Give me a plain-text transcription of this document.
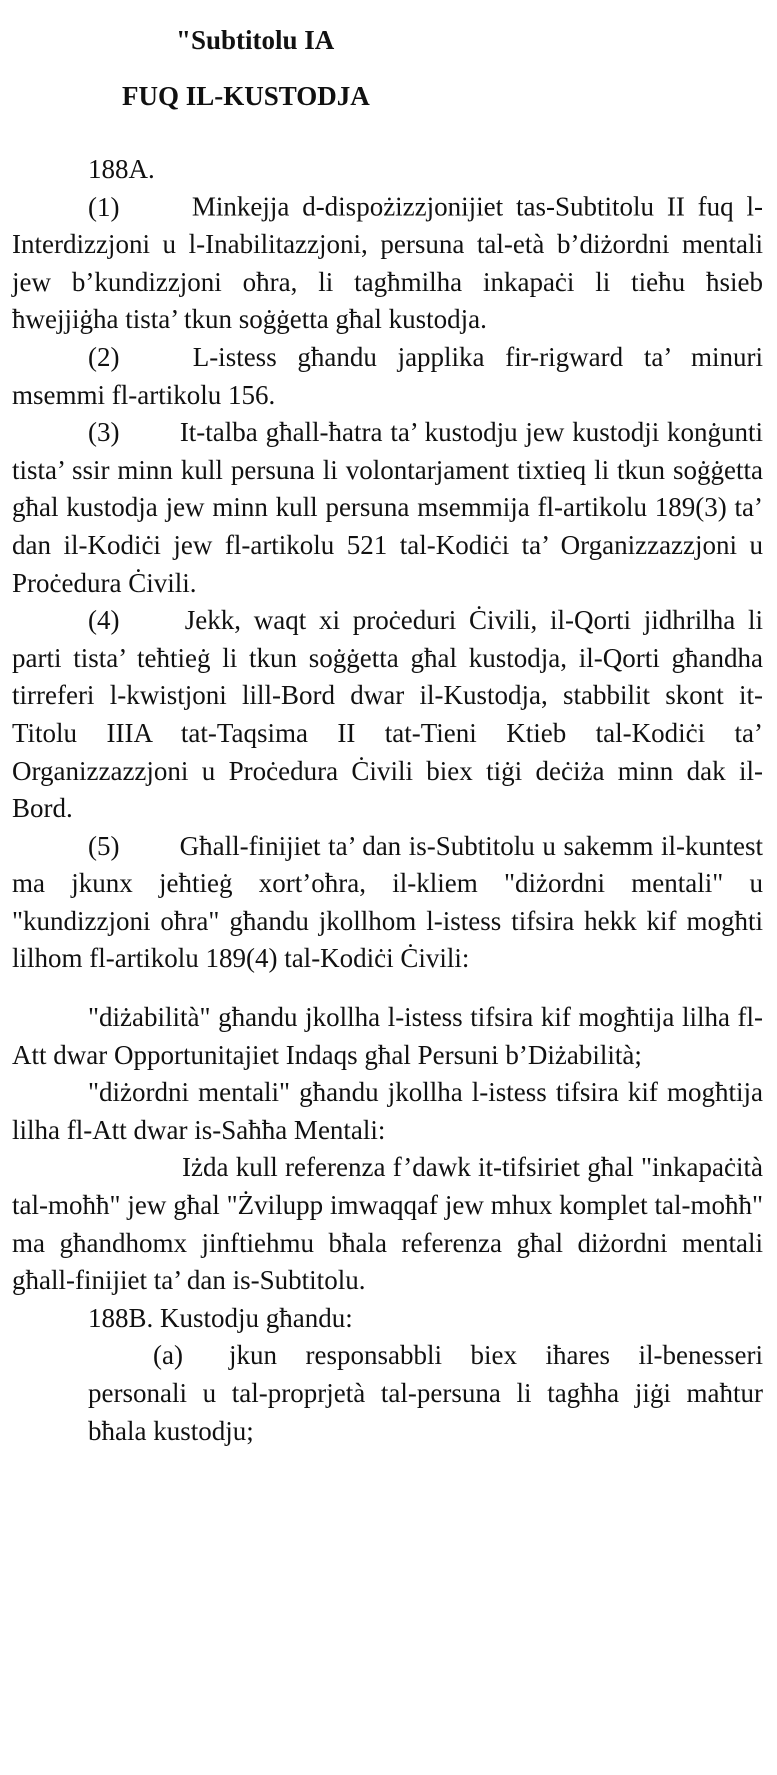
"Subtitolu IA
FUQ IL-KUSTODJA

188A. (1)	Minkejja d-dispożizzjonijiet tas-Subtitolu II fuq l-Interdizzjoni u l-Inabilitazzjoni, persuna tal-età b’diżordni mentali jew b’kundizzjoni oħra, li tagħmilha inkapaċi li tieħu ħsieb ħwejjiġha tista’ tkun soġġetta għal kustodja.

(2)	L-istess għandu japplika fir-rigward ta’ minuri msemmi fl-artikolu 156.

(3) It-talba għall-ħatra ta’ kustodju jew kustodji konġunti tista’ ssir minn kull persuna li volontarjament tixtieq li tkun soġġetta għal kustodja jew minn kull persuna msemmija fl-artikolu 189(3) ta’ dan il-Kodiċi jew fl-artikolu 521 tal-Kodiċi ta’ Organizzazzjoni u Proċedura Ċivili.

(4) Jekk, waqt xi proċeduri Ċivili, il-Qorti jidhrilha li parti tista’ teħtieġ li tkun soġġetta għal kustodja, il-Qorti għandha tirreferi l-kwistjoni lill-Bord dwar il-Kustodja, stabbilit skont it-Titolu IIIA tat-Taqsima II tat-Tieni Ktieb tal-Kodiċi ta’ Organizzazzjoni u Proċedura Ċivili biex tiġi deċiża minn dak il-Bord.

(5) Għall-finijiet ta’ dan is-Subtitolu u sakemm il-kuntest ma jkunx jeħtieġ xort’oħra, il-kliem "diżordni mentali" u "kundizzjoni oħra" għandu jkollhom l-istess tifsira hekk kif mogħti lilhom fl-artikolu 189(4) tal-Kodiċi Ċivili:

"diżabilità" għandu jkollha l-istess tifsira kif mogħtija lilha fl-Att dwar Opportunitajiet Indaqs għal Persuni b’Diżabilità;

"diżordni mentali" għandu jkollha l-istess tifsira kif mogħtija lilha fl-Att dwar is-Saħħa Mentali:

Iżda kull referenza f’dawk it-tifsiriet għal "inkapaċità tal-moħħ" jew għal "Żvilupp imwaqqaf jew mhux komplet tal-moħħ" ma għandhomx jinftiehmu bħala referenza għal diżordni mentali għall-finijiet ta’ dan is-Subtitolu.

188B. Kustodju għandu:

(a) jkun responsabbli biex iħares il-benesseri personali u tal-proprjetà tal-persuna li tagħha jiġi maħtur bħala kustodju;
